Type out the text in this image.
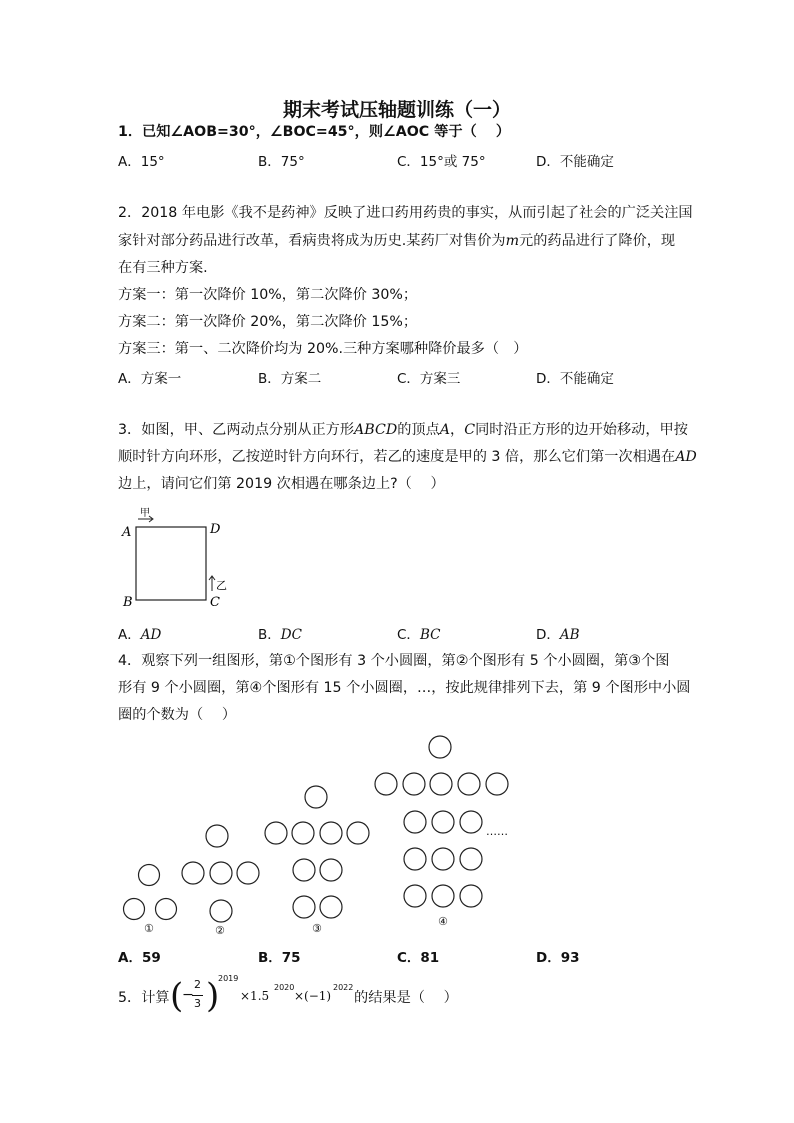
期末考试压轴题训练（一）
1．已知∠AOB=30°，∠BOC=45°，则∠AOC 等于（　 ）
A．15°	B．75°	C．15°或 75°	D．不能确定
2．2018 年电影《我不是药神》反映了进口药用药贵的事实，从而引起了社会的广泛关注国
家针对部分药品进行改革，看病贵将成为历史.某药厂对售价为m元的药品进行了降价，现
在有三种方案.
方案一：第一次降价 10%，第二次降价 30%；
方案二：第一次降价 20%，第二次降价 15%；
方案三：第一、二次降价均为 20%.三种方案哪种降价最多（　）
A．方案一	B．方案二	C．方案三	D．不能确定
3．如图，甲、乙两动点分别从正方形ABCD的顶点A，C同时沿正方形的边开始移动，甲按
顺时针方向环形，乙按逆时针方向环行，若乙的速度是甲的 3 倍，那么它们第一次相遇在AD
边上，请问它们第 2019 次相遇在哪条边上?（　 ）
A	D
B	C
甲
乙
A．AD	B．DC	C．BC	D．AB
4．观察下列一组图形，第①个图形有 3 个小圆圈，第②个图形有 5 个小圆圈，第③个图
形有 9 个小圆圈，第④个图形有 15 个小圆圈，…，按此规律排列下去，第 9 个图形中小圆
圈的个数为（　 ）
①	②	③
④
……
A．59	B．75	C．81	D．93
5．计算 (
−
2
3 )
2019
×1.5
2020
×(−1)
2022
的结果是（　 ）
